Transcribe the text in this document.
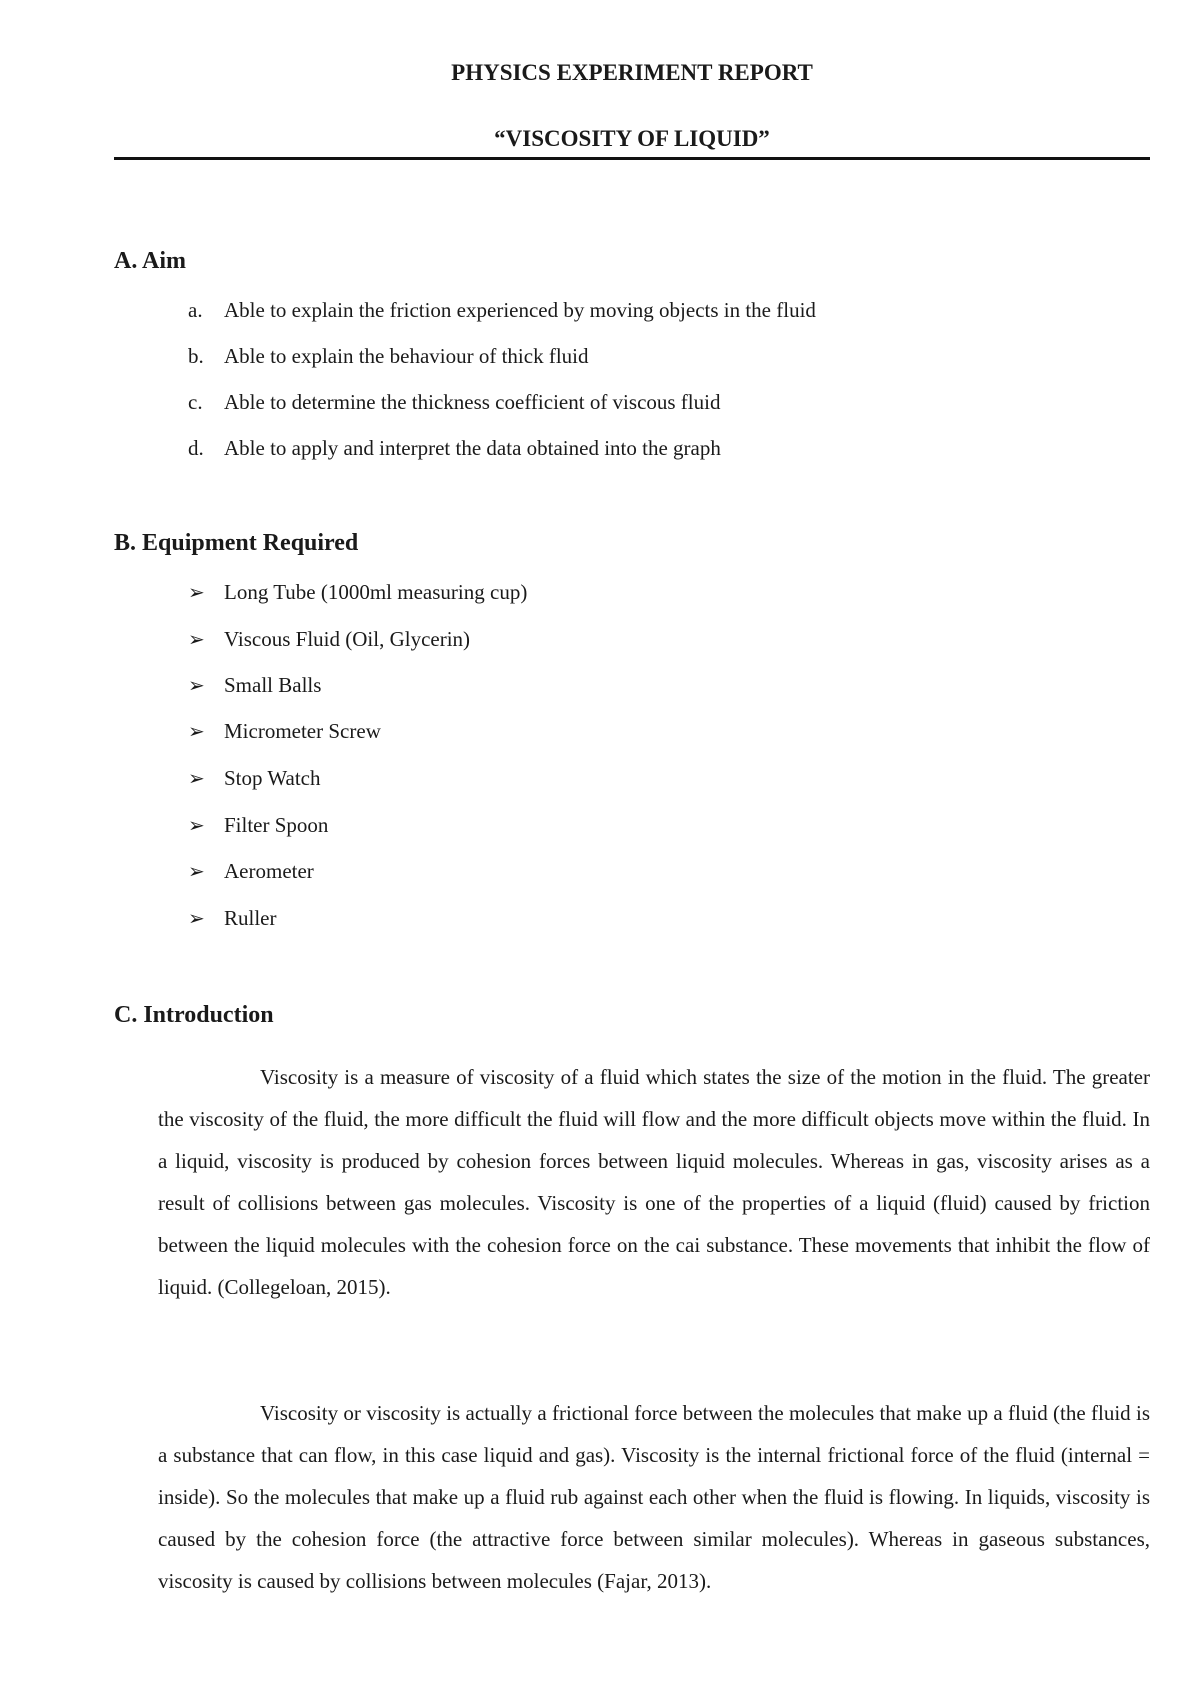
PHYSICS EXPERIMENT REPORT
“VISCOSITY OF LIQUID”
A. Aim
a.	Able to explain the friction experienced by moving objects in the fluid
b. Able to explain the behaviour of thick fluid
c.	Able to determine the thickness coefficient of viscous fluid
d. Able to apply and interpret the data obtained into the graph
B. Equipment Required
➢ Long Tube (1000ml measuring cup)
➢ Viscous Fluid (Oil, Glycerin)
➢ Small Balls
➢ Micrometer Screw
➢ Stop Watch
➢ Filter Spoon
➢ Aerometer
➢ Ruller
C. Introduction

Viscosity is a measure of viscosity of a fluid which states the size of the motion in the fluid. The greater the viscosity of the fluid, the more difficult the fluid will flow and the more difficult objects move within the fluid. In a liquid, viscosity is produced by cohesion forces between liquid molecules. Whereas in gas, viscosity arises as a result of collisions between gas molecules. Viscosity is one of the properties of a liquid (fluid) caused by friction between the liquid molecules with the cohesion force on the cai substance. These movements that inhibit the flow of liquid. (Collegeloan, 2015).

Viscosity or viscosity is actually a frictional force between the molecules that make up a fluid (the fluid is a substance that can flow, in this case liquid and gas). Viscosity is the internal frictional force of the fluid (internal = inside). So the molecules that make up a fluid rub against each other when the fluid is flowing. In liquids, viscosity is caused by the cohesion force (the attractive force between similar molecules). Whereas in gaseous substances, viscosity is caused by collisions between molecules (Fajar, 2013).
